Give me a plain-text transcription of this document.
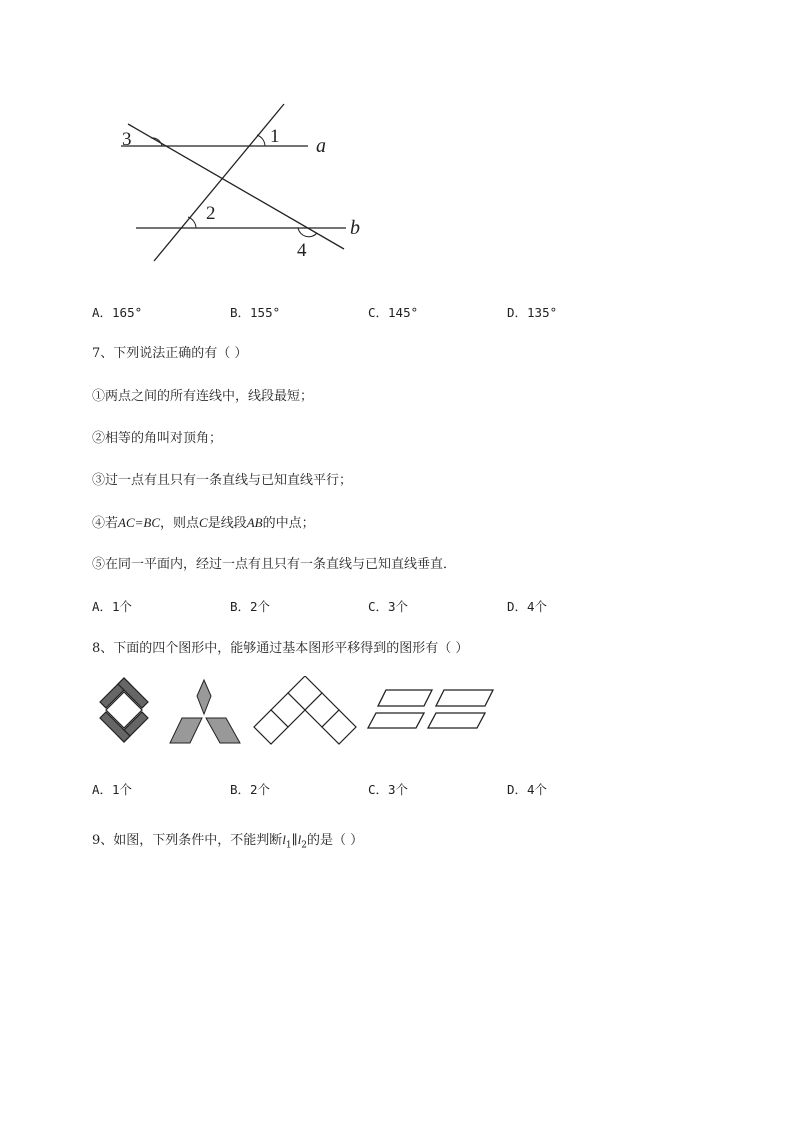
1
2
3
4
a
b
A．165°	B．155°	C．145°	D．135°
7、下列说法正确的有（ ）
①两点之间的所有连线中，线段最短；
②相等的角叫对顶角；
③过一点有且只有一条直线与已知直线平行；
④若AC=BC，则点C是线段AB的中点；
⑤在同一平面内，经过一点有且只有一条直线与已知直线垂直．
A．1个	B．2个	C．3个	D．4个
8、下面的四个图形中，能够通过基本图形平移得到的图形有（ ）
A．1个	B．2个	C．3个	D．4个
9、如图，下列条件中，不能判断$l_1\parallel l_2$的是（ ）
